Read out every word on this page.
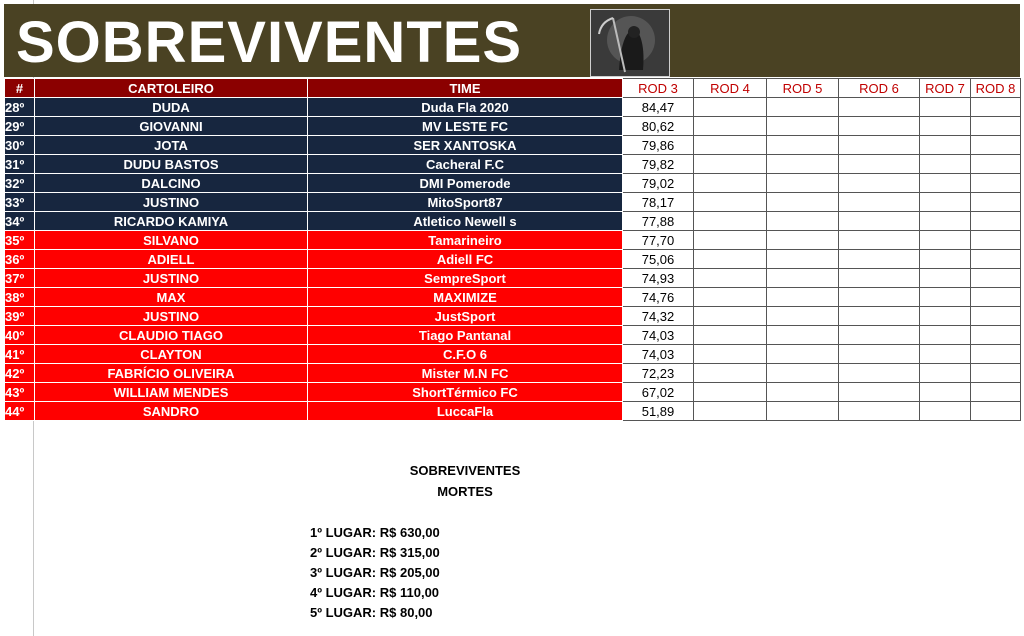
SOBREVIVENTES
#	CARTOLEIRO	TIME	ROD 3	ROD 4	ROD 5	ROD 6	ROD 7	ROD 8
28º	DUDA	Duda Fla 2020	84,47					
29º	GIOVANNI	MV LESTE FC	80,62					
30º	JOTA	SER XANTOSKA	79,86					
31º	DUDU BASTOS	Cacheral F.C	79,82					
32º	DALCINO	DMI Pomerode	79,02					
33º	JUSTINO	MitoSport87	78,17					
34º	RICARDO KAMIYA	Atletico Newell s	77,88					
35º	SILVANO	Tamarineiro	77,70					
36º	ADIELL	Adiell FC	75,06					
37º	JUSTINO	SempreSport	74,93					
38º	MAX	MAXIMIZE	74,76					
39º	JUSTINO	JustSport	74,32					
40º	CLAUDIO TIAGO	Tiago Pantanal	74,03					
41º	CLAYTON	C.F.O 6	74,03					
42º	FABRÍCIO OLIVEIRA	Mister M.N FC	72,23					
43º	WILLIAM MENDES	ShortTérmico FC	67,02					
44º	SANDRO	LuccaFla	51,89					
SOBREVIVENTES
MORTES
1º LUGAR: R$ 630,00
2º LUGAR: R$ 315,00
3º LUGAR: R$ 205,00
4º LUGAR: R$ 110,00
5º LUGAR: R$ 80,00
